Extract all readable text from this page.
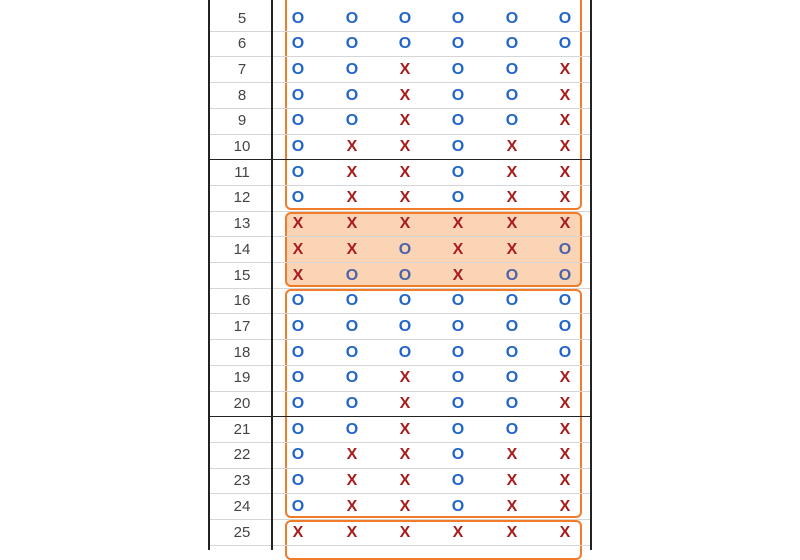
5	O	O	O	O	O	O
6	O	O	O	O	O	O
7	O	O	X	O	O	X
8	O	O	X	O	O	X
9	O	O	X	O	O	X
10	O	X	X	O	X	X
11	O	X	X	O	X	X
12	O	X	X	O	X	X
13	X	X	X	X	X	X
14	X	X	O	X	X	O
15	X	O	O	X	O	O
16	O	O	O	O	O	O
17	O	O	O	O	O	O
18	O	O	O	O	O	O
19	O	O	X	O	O	X
20	O	O	X	O	O	X
21	O	O	X	O	O	X
22	O	X	X	O	X	X
23	O	X	X	O	X	X
24	O	X	X	O	X	X
25	X	X	X	X	X	X
